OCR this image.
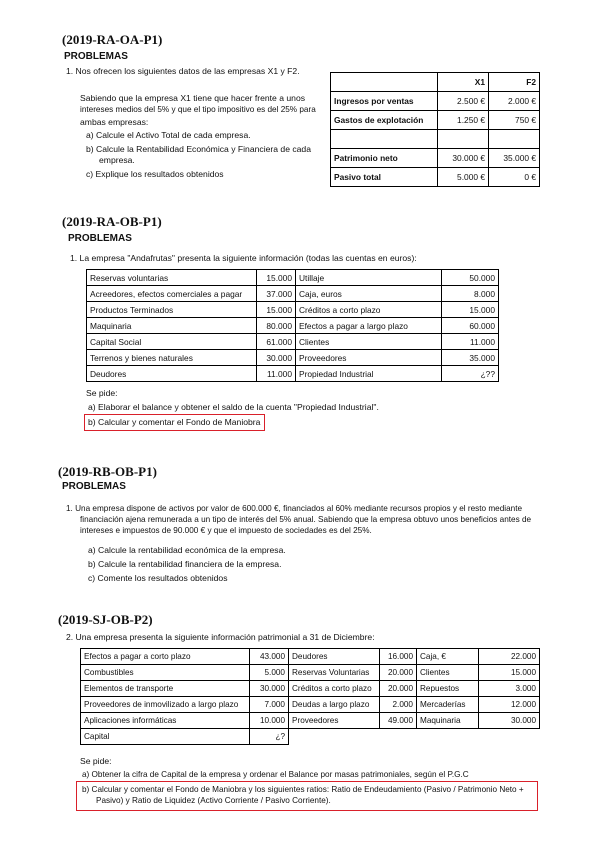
(2019-RA-OA-P1)
PROBLEMAS
1. Nos ofrecen los siguientes datos de las empresas X1 y F2.
Sabiendo que la empresa X1 tiene que hacer frente a unos
intereses medios del 5% y que el tipo impositivo es del 25% para
ambas empresas:
a) Calcule el Activo Total de cada empresa.
b) Calcule la Rentabilidad Económica y Financiera de cada
empresa.
c) Explique los resultados obtenidos
	X1	F2
Ingresos por ventas	2.500 €	2.000 €
Gastos de explotación	1.250 €	750 €

Patrimonio neto	30.000 €	35.000 €
Pasivo total	5.000 €	0 €
(2019-RA-OB-P1)
PROBLEMAS
1. La empresa "Andafrutas" presenta la siguiente información (todas las cuentas en euros):
Reservas voluntarias	15.000	Utillaje	50.000
Acreedores, efectos comerciales a pagar	37.000	Caja, euros	8.000
Productos Terminados	15.000	Créditos a corto plazo	15.000
Maquinaria	80.000	Efectos a pagar a largo plazo	60.000
Capital Social	61.000	Clientes	11.000
Terrenos y bienes naturales	30.000	Proveedores	35.000
Deudores	11.000	Propiedad Industrial	¿??
Se pide:
a) Elaborar el balance y obtener el saldo de la cuenta "Propiedad Industrial".
b) Calcular y comentar el Fondo de Maniobra
(2019-RB-OB-P1)
PROBLEMAS
1. Una empresa dispone de activos por valor de 600.000 €, financiados al 60% mediante recursos propios y el resto mediante
financiación ajena remunerada a un tipo de interés del 5% anual. Sabiendo que la empresa obtuvo unos beneficios antes de
intereses e impuestos de 90.000 € y que el impuesto de sociedades es del 25%.
a) Calcule la rentabilidad económica de la empresa.
b) Calcule la rentabilidad financiera de la empresa.
c) Comente los resultados obtenidos
(2019-SJ-OB-P2)
2. Una empresa presenta la siguiente información patrimonial a 31 de Diciembre:
Efectos a pagar a corto plazo	43.000	Deudores	16.000	Caja, €	22.000
Combustibles	5.000	Reservas Voluntarias	20.000	Clientes	15.000
Elementos de transporte	30.000	Créditos a corto plazo	20.000	Repuestos	3.000
Proveedores de inmovilizado a largo plazo	7.000	Deudas a largo plazo	2.000	Mercaderías	12.000
Aplicaciones informáticas	10.000	Proveedores	49.000	Maquinaria	30.000
Capital	¿?				
Se pide:
a) Obtener la cifra de Capital de la empresa y ordenar el Balance por masas patrimoniales, según el P.G.C
b) Calcular y comentar el Fondo de Maniobra y los siguientes ratios: Ratio de Endeudamiento (Pasivo / Patrimonio Neto +
Pasivo) y Ratio de Liquidez (Activo Corriente / Pasivo Corriente).
